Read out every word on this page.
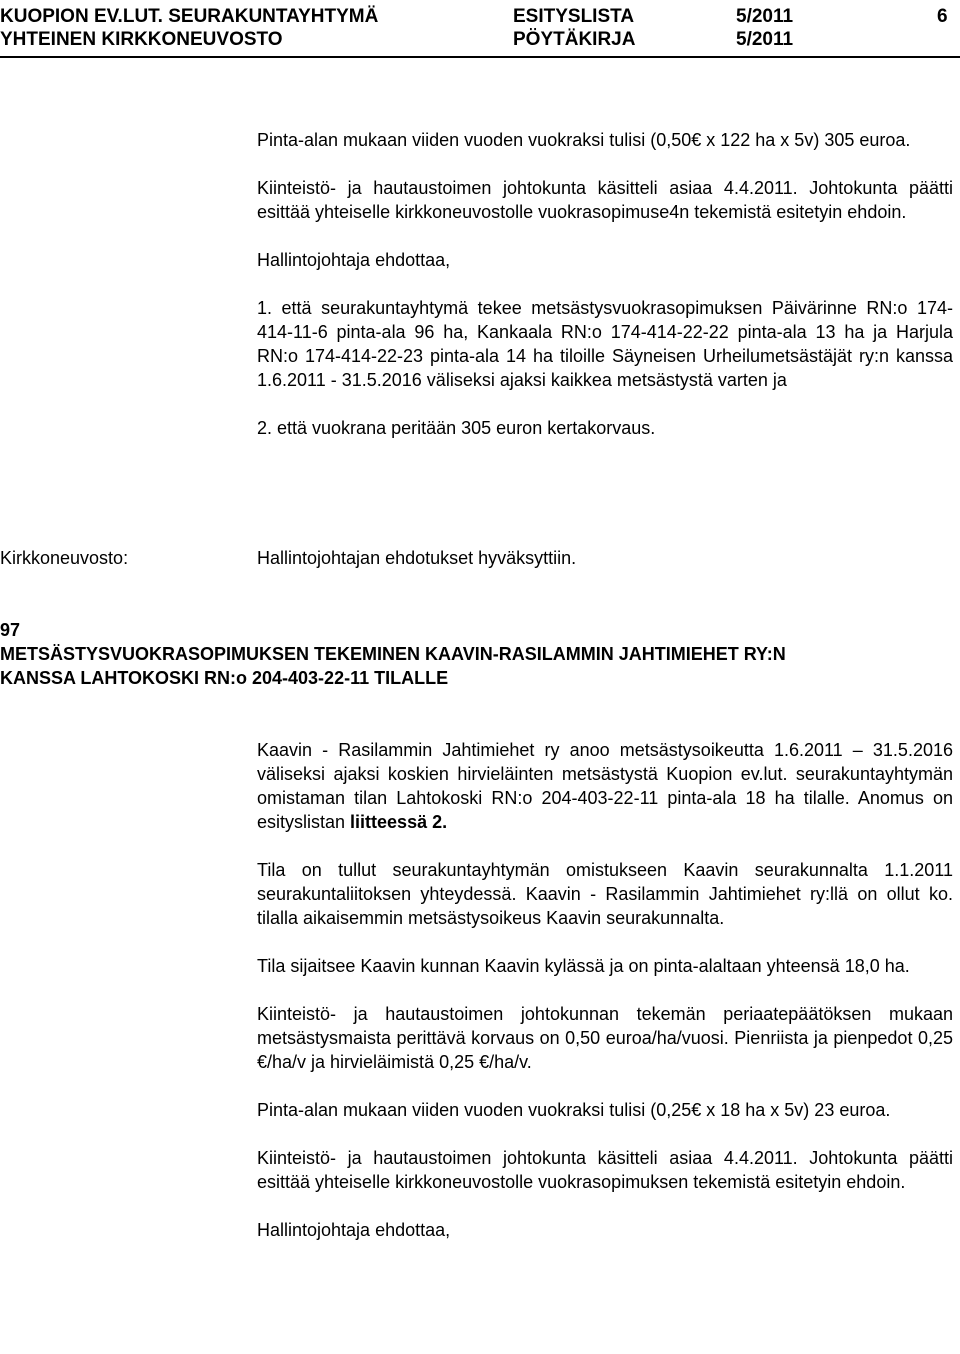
KUOPION EV.LUT. SEURAKUNTAYHTYMÄ
YHTEINEN KIRKKONEUVOSTO
ESITYSLISTA
PÖYTÄKIRJA
5/2011
5/2011
6

Pinta-alan mukaan viiden vuoden vuokraksi tulisi (0,50€ x 122 ha x 5v) 305 euroa.

Kiinteistö- ja hautaustoimen johtokunta käsitteli asiaa 4.4.2011. Johtokunta päätti esittää yhteiselle kirkkoneuvostolle vuokrasopimuse4n tekemistä esitetyin ehdoin.

Hallintojohtaja ehdottaa,

1. että seurakuntayhtymä tekee metsästysvuokrasopimuksen Päivärinne RN:o 174-414-11-6 pinta-ala 96 ha, Kankaala RN:o 174-414-22-22 pinta-ala 13 ha ja Harjula RN:o 174-414-22-23 pinta-ala 14 ha tiloille Säyneisen Urheilumetsästäjät ry:n kanssa 1.6.2011 - 31.5.2016 väliseksi ajaksi kaikkea metsästystä varten ja

2. että vuokrana peritään 305 euron kertakorvaus.

Kirkkoneuvosto:	Hallintojohtajan ehdotukset hyväksyttiin.
97
METSÄSTYSVUOKRASOPIMUKSEN TEKEMINEN KAAVIN-RASILAMMIN JAHTIMIEHET RY:N
KANSSA LAHTOKOSKI RN:o 204-403-22-11 TILALLE

Kaavin - Rasilammin Jahtimiehet ry anoo metsästysoikeutta 1.6.2011 – 31.5.2016 väliseksi ajaksi koskien hirvieläinten metsästystä Kuopion ev.lut. seurakuntayhtymän omistaman tilan Lahtokoski RN:o 204-403-22-11 pinta-ala 18 ha tilalle. Anomus on esityslistan liitteessä 2.

Tila on tullut seurakuntayhtymän omistukseen Kaavin seurakunnalta 1.1.2011 seurakuntaliitoksen yhteydessä. Kaavin - Rasilammin Jahtimiehet ry:llä on ollut ko. tilalla aikaisemmin metsästysoikeus Kaavin seurakunnalta.

Tila sijaitsee Kaavin kunnan Kaavin kylässä ja on pinta-alaltaan yhteensä 18,0 ha.

Kiinteistö- ja hautaustoimen johtokunnan tekemän periaatepäätöksen mukaan metsästysmaista perittävä korvaus on 0,50 euroa/ha/vuosi. Pienriista ja pienpedot 0,25 €/ha/v ja hirvieläimistä 0,25 €/ha/v.

Pinta-alan mukaan viiden vuoden vuokraksi tulisi (0,25€ x 18 ha x 5v) 23 euroa.

Kiinteistö- ja hautaustoimen johtokunta käsitteli asiaa 4.4.2011. Johtokunta päätti esittää yhteiselle kirkkoneuvostolle vuokrasopimuksen tekemistä esitetyin ehdoin.

Hallintojohtaja ehdottaa,
